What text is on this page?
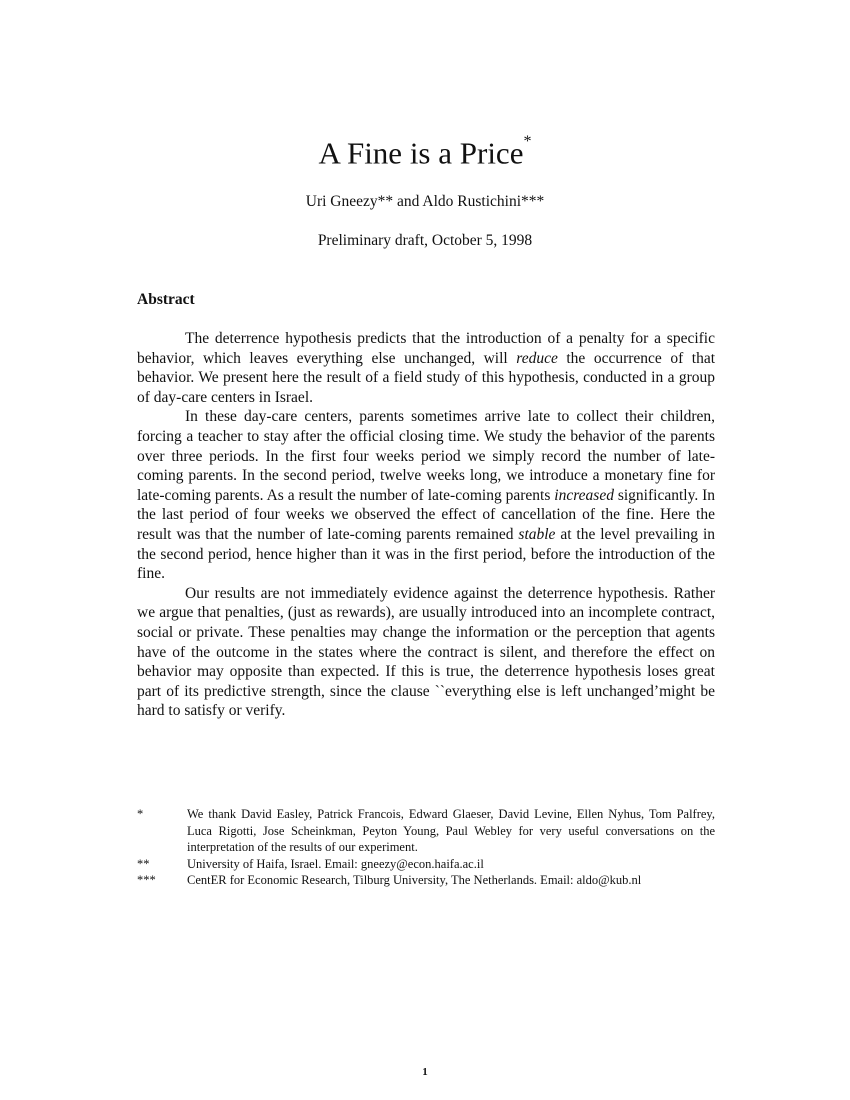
A Fine is a Price*
Uri Gneezy** and Aldo Rustichini***
Preliminary draft, October 5, 1998
Abstract

The deterrence hypothesis predicts that the introduction of a penalty for a specific behavior, which leaves everything else unchanged, will reduce the occurrence of that behavior. We present here the result of a field study of this hypothesis, conducted in a group of day-care centers in Israel.

In these day-care centers, parents sometimes arrive late to collect their children, forcing a teacher to stay after the official closing time. We study the behavior of the parents over three periods. In the first four weeks period we simply record the number of late-coming parents. In the second period, twelve weeks long, we introduce a monetary fine for late-coming parents. As a result the number of late-coming parents increased significantly. In the last period of four weeks we observed the effect of cancellation of the fine. Here the result was that the number of late-coming parents remained stable at the level prevailing in the second period, hence higher than it was in the first period, before the introduction of the fine.

Our results are not immediately evidence against the deterrence hypothesis. Rather we argue that penalties, (just as rewards), are usually introduced into an incomplete contract, social or private. These penalties may change the information or the perception that agents have of the outcome in the states where the contract is silent, and therefore the effect on behavior may opposite than expected. If this is true, the deterrence hypothesis loses great part of its predictive strength, since the clause ``everything else is left unchanged’might be hard to satisfy or verify.

*	We thank David Easley, Patrick Francois, Edward Glaeser, David Levine, Ellen Nyhus, Tom Palfrey, Luca Rigotti, Jose Scheinkman, Peyton Young, Paul Webley for very useful conversations on the interpretation of the results of our experiment.
**	University of Haifa, Israel. Email: gneezy@econ.haifa.ac.il
***	CentER for Economic Research, Tilburg University, The Netherlands. Email: aldo@kub.nl
1
